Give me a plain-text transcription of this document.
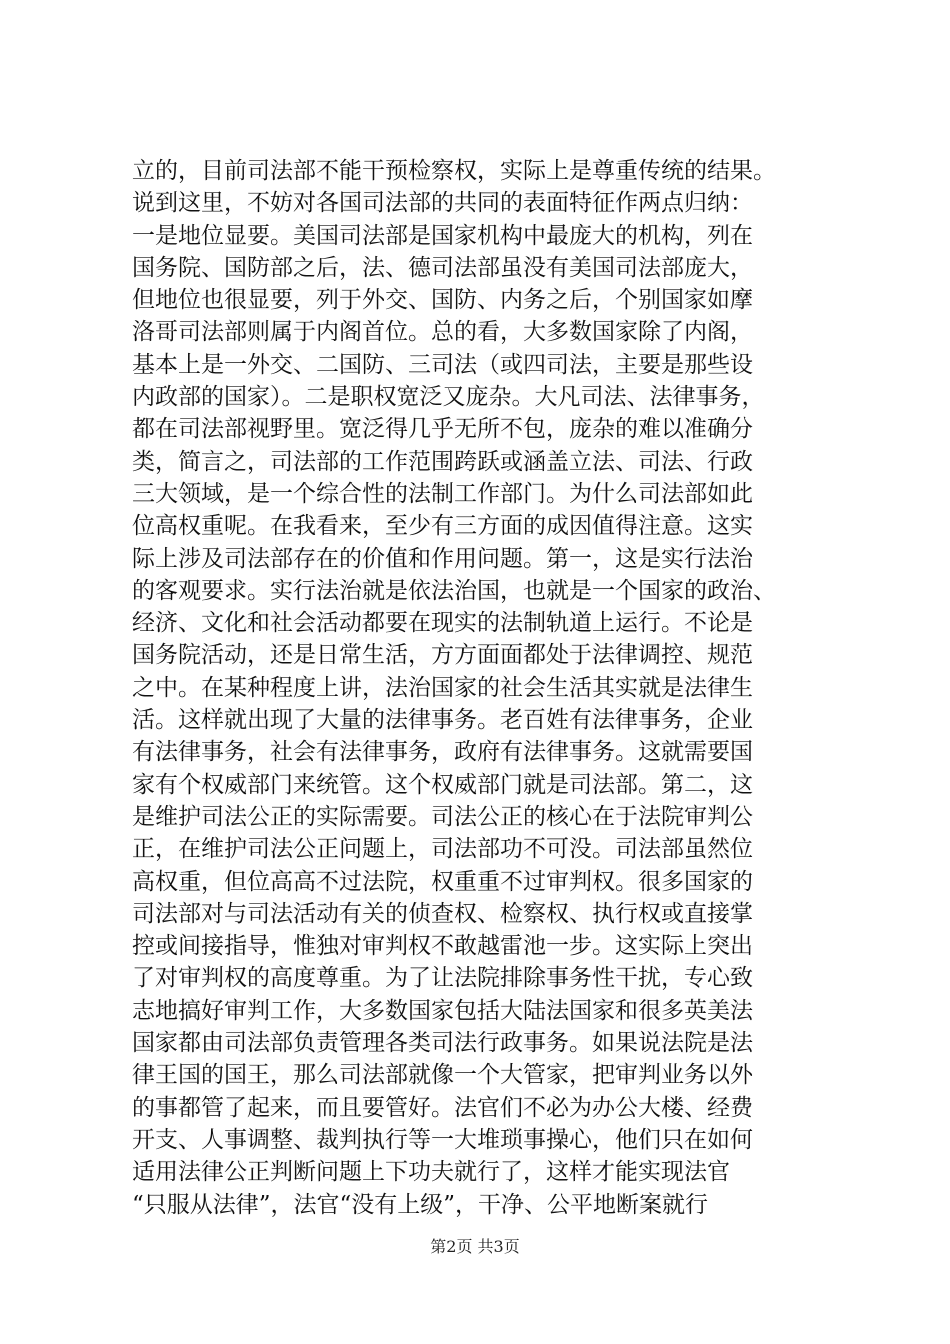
立的，目前司法部不能干预检察权，实际上是尊重传统的结果。
说到这里，不妨对各国司法部的共同的表面特征作两点归纳：
一是地位显要。美国司法部是国家机构中最庞大的机构，列在
国务院、国防部之后，法、德司法部虽没有美国司法部庞大，
但地位也很显要，列于外交、国防、内务之后，个别国家如摩
洛哥司法部则属于内阁首位。总的看，大多数国家除了内阁，
基本上是一外交、二国防、三司法（或四司法，主要是那些设
内政部的国家）。二是职权宽泛又庞杂。大凡司法、法律事务，
都在司法部视野里。宽泛得几乎无所不包，庞杂的难以准确分
类，简言之，司法部的工作范围跨跃或涵盖立法、司法、行政
三大领域，是一个综合性的法制工作部门。为什么司法部如此
位高权重呢。在我看来，至少有三方面的成因值得注意。这实
际上涉及司法部存在的价值和作用问题。第一，这是实行法治
的客观要求。实行法治就是依法治国，也就是一个国家的政治、
经济、文化和社会活动都要在现实的法制轨道上运行。不论是
国务院活动，还是日常生活，方方面面都处于法律调控、规范
之中。在某种程度上讲，法治国家的社会生活其实就是法律生
活。这样就出现了大量的法律事务。老百姓有法律事务，企业
有法律事务，社会有法律事务，政府有法律事务。这就需要国
家有个权威部门来统管。这个权威部门就是司法部。第二，这
是维护司法公正的实际需要。司法公正的核心在于法院审判公
正，在维护司法公正问题上，司法部功不可没。司法部虽然位
高权重，但位高高不过法院，权重重不过审判权。很多国家的
司法部对与司法活动有关的侦查权、检察权、执行权或直接掌
控或间接指导，惟独对审判权不敢越雷池一步。这实际上突出
了对审判权的高度尊重。为了让法院排除事务性干扰，专心致
志地搞好审判工作，大多数国家包括大陆法国家和很多英美法
国家都由司法部负责管理各类司法行政事务。如果说法院是法
律王国的国王，那么司法部就像一个大管家，把审判业务以外
的事都管了起来，而且要管好。法官们不必为办公大楼、经费
开支、人事调整、裁判执行等一大堆琐事操心，他们只在如何
适用法律公正判断问题上下功夫就行了，这样才能实现法官
“只服从法律”，法官“没有上级”，干净、公平地断案就行
第2页 共3页
